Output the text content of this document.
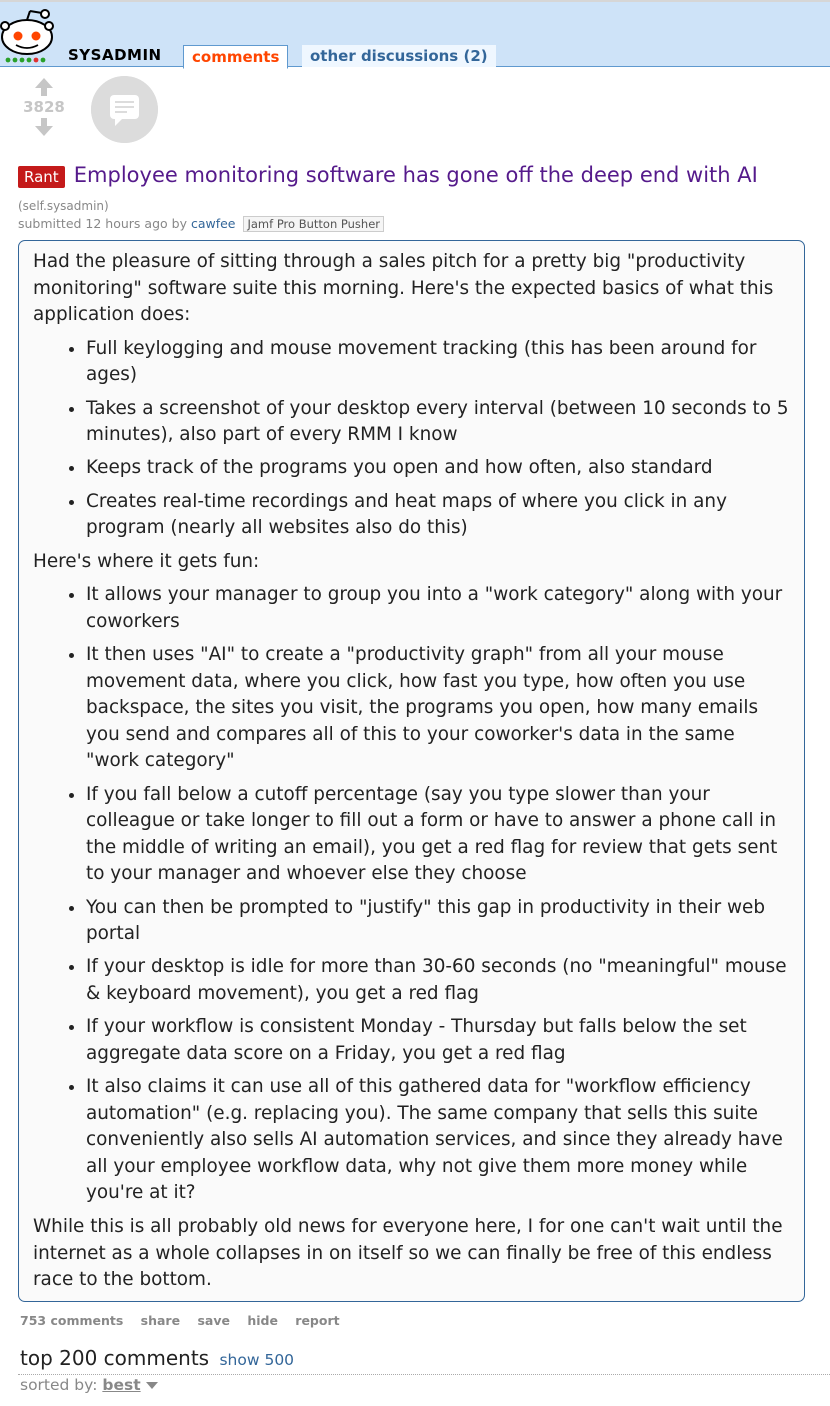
SYSADMIN	comments	other discussions (2)
3828
Rant Employee monitoring software has gone off the deep end with AI
(self.sysadmin)
submitted 12 hours ago by cawfee Jamf Pro Button Pusher

Had the pleasure of sitting through a sales pitch for a pretty big "productivity monitoring" software suite this morning. Here's the expected basics of what this application does:

• Full keylogging and mouse movement tracking (this has been around for ages)
• Takes a screenshot of your desktop every interval (between 10 seconds to 5 minutes), also part of every RMM I know
• Keeps track of the programs you open and how often, also standard
• Creates real-time recordings and heat maps of where you click in any program (nearly all websites also do this)

Here's where it gets fun:

• It allows your manager to group you into a "work category" along with your coworkers
• It then uses "AI" to create a "productivity graph" from all your mouse movement data, where you click, how fast you type, how often you use backspace, the sites you visit, the programs you open, how many emails you send and compares all of this to your coworker's data in the same "work category"
• If you fall below a cutoff percentage (say you type slower than your colleague or take longer to fill out a form or have to answer a phone call in the middle of writing an email), you get a red flag for review that gets sent to your manager and whoever else they choose
• You can then be prompted to "justify" this gap in productivity in their web portal
• If your desktop is idle for more than 30-60 seconds (no "meaningful" mouse & keyboard movement), you get a red flag
• If your workflow is consistent Monday - Thursday but falls below the set aggregate data score on a Friday, you get a red flag
• It also claims it can use all of this gathered data for "workflow efficiency automation" (e.g. replacing you). The same company that sells this suite conveniently also sells AI automation services, and since they already have all your employee workflow data, why not give them more money while you're at it?

While this is all probably old news for everyone here, I for one can't wait until the internet as a whole collapses in on itself so we can finally be free of this endless race to the bottom.

753 comments share save hide report
top 200 comments show 500
sorted by: best
